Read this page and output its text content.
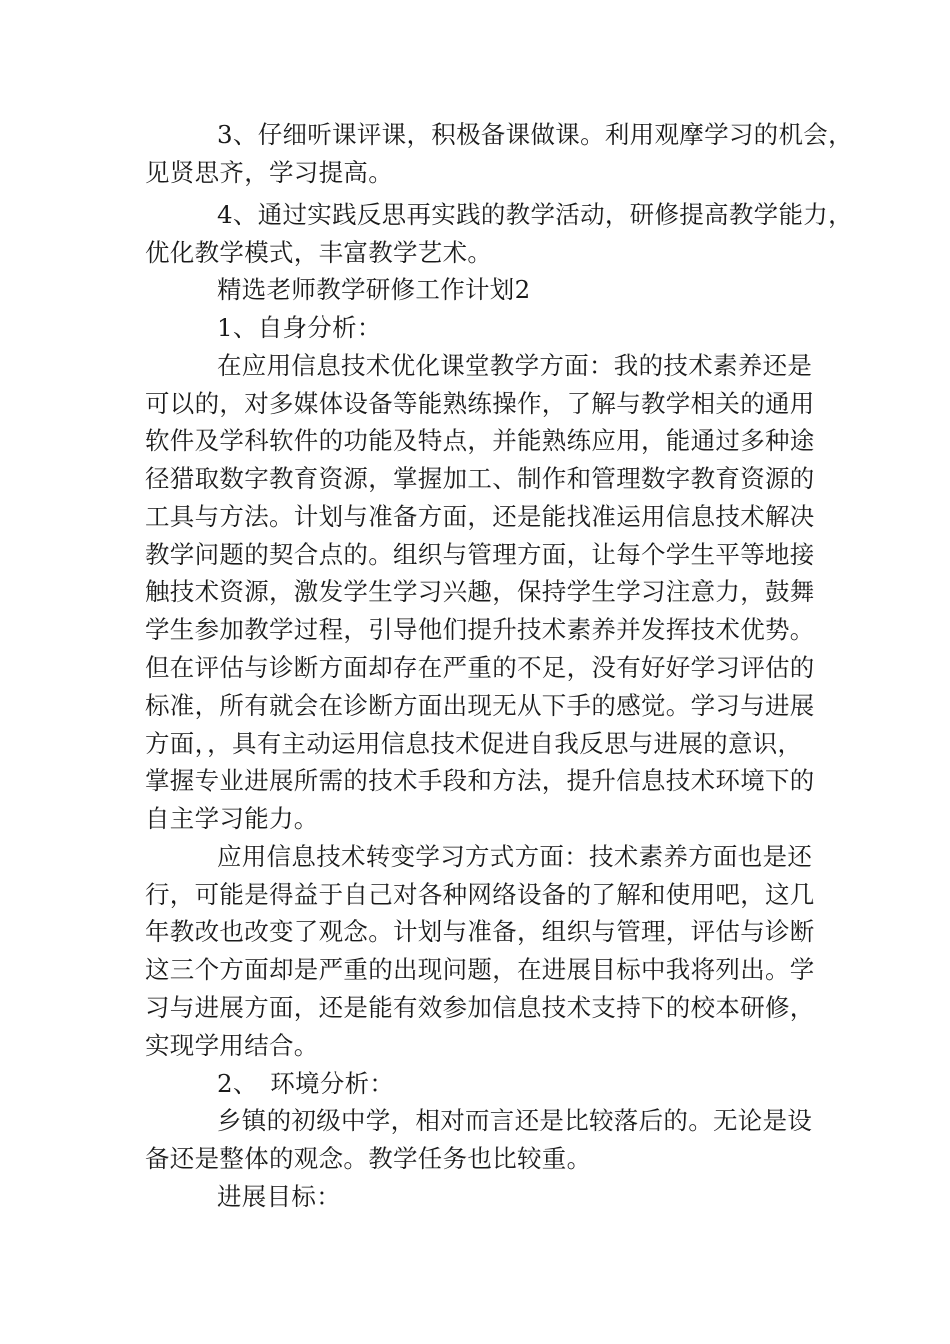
3、仔细听课评课，积极备课做课。利用观摩学习的机会，
见贤思齐，学习提高。
4、通过实践反思再实践的教学活动，研修提高教学能力，
优化教学模式，丰富教学艺术。
精选老师教学研修工作计划2
1、自身分析：
在应用信息技术优化课堂教学方面：我的技术素养还是
可以的，对多媒体设备等能熟练操作，了解与教学相关的通用
软件及学科软件的功能及特点，并能熟练应用，能通过多种途
径猎取数字教育资源，掌握加工、制作和管理数字教育资源的
工具与方法。计划与准备方面，还是能找准运用信息技术解决
教学问题的契合点的。组织与管理方面，让每个学生平等地接
触技术资源，激发学生学习兴趣，保持学生学习注意力，鼓舞
学生参加教学过程，引导他们提升技术素养并发挥技术优势。
但在评估与诊断方面却存在严重的不足，没有好好学习评估的
标准，所有就会在诊断方面出现无从下手的感觉。学习与进展
方面，，具有主动运用信息技术促进自我反思与进展的意识，
掌握专业进展所需的技术手段和方法，提升信息技术环境下的
自主学习能力。
应用信息技术转变学习方式方面：技术素养方面也是还
行，可能是得益于自己对各种网络设备的了解和使用吧，这几
年教改也改变了观念。计划与准备，组织与管理，评估与诊断
这三个方面却是严重的出现问题，在进展目标中我将列出。学
习与进展方面，还是能有效参加信息技术支持下的校本研修，
实现学用结合。
2、　环境分析：
乡镇的初级中学，相对而言还是比较落后的。无论是设
备还是整体的观念。教学任务也比较重。
进展目标：
